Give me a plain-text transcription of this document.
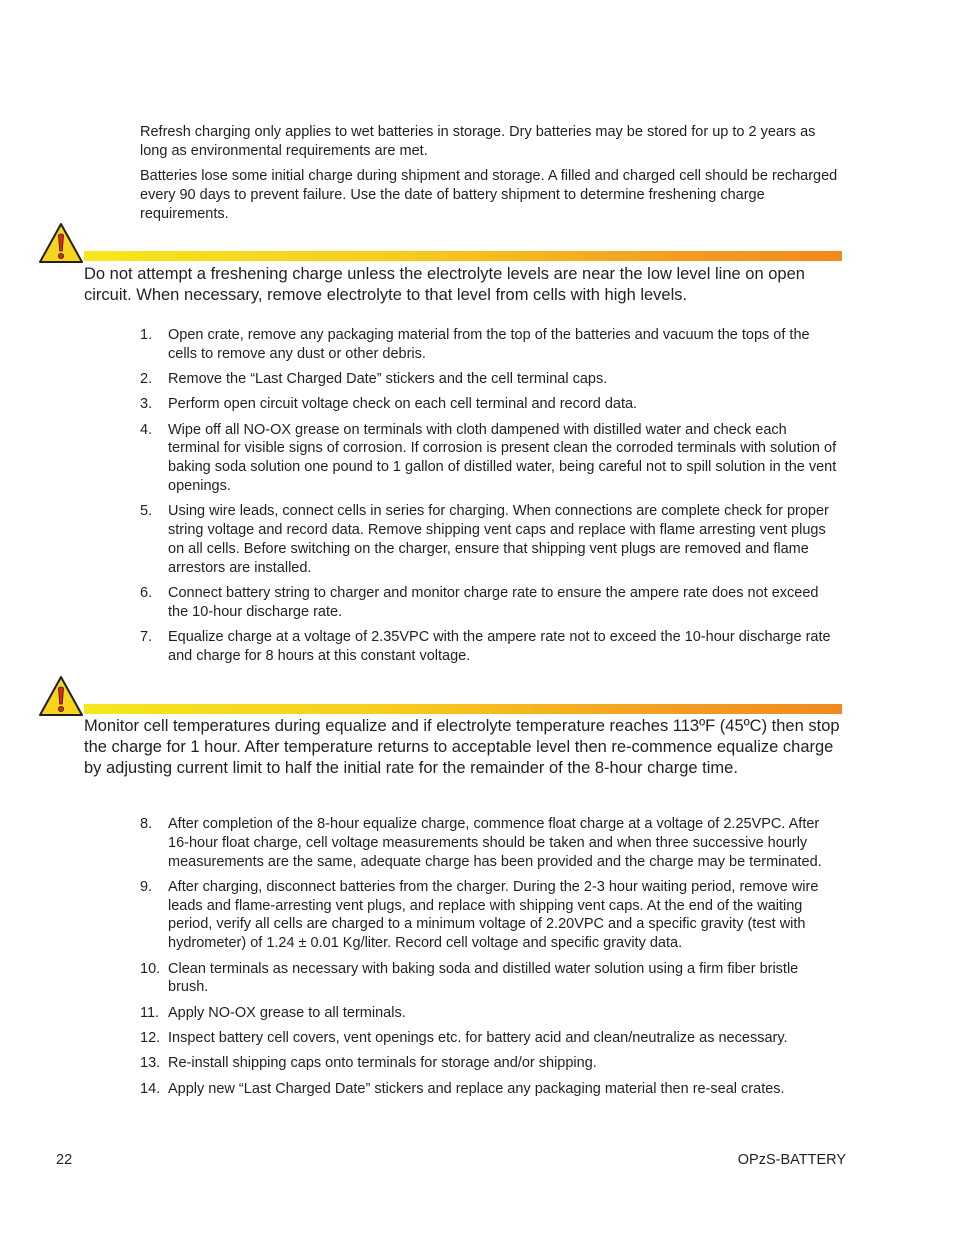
Refresh charging only applies to wet batteries in storage. Dry batteries may be stored for up to 2 years as long as environmental requirements are met.

Batteries lose some initial charge during shipment and storage. A filled and charged cell should be recharged every 90 days to prevent failure. Use the date of battery shipment to determine freshening charge requirements.

Do not attempt a freshening charge unless the electrolyte levels are near the low level line on open circuit. When necessary, remove electrolyte to that level from cells with high levels.

1. Open crate, remove any packaging material from the top of the batteries and vacuum the tops of the cells to remove any dust or other debris.
2. Remove the “Last Charged Date” stickers and the cell terminal caps.
3. Perform open circuit voltage check on each cell terminal and record data.
4. Wipe off all NO-OX grease on terminals with cloth dampened with distilled water and check each terminal for visible signs of corrosion. If corrosion is present clean the corroded terminals with solution of baking soda solution one pound to 1 gallon of distilled water, being careful not to spill solution in the vent openings.
5. Using wire leads, connect cells in series for charging. When connections are complete check for proper string voltage and record data. Remove shipping vent caps and replace with flame arresting vent plugs on all cells. Before switching on the charger, ensure that shipping vent plugs are removed and flame arrestors are installed.
6. Connect battery string to charger and monitor charge rate to ensure the ampere rate does not exceed the 10-hour discharge rate.
7. Equalize charge at a voltage of 2.35VPC with the ampere rate not to exceed the 10-hour discharge rate and charge for 8 hours at this constant voltage.

Monitor cell temperatures during equalize and if electrolyte temperature reaches 113ºF (45ºC) then stop the charge for 1 hour. After temperature returns to acceptable level then re-commence equalize charge by adjusting current limit to half the initial rate for the remainder of the 8-hour charge time.

8. After completion of the 8-hour equalize charge, commence float charge at a voltage of 2.25VPC. After 16-hour float charge, cell voltage measurements should be taken and when three successive hourly measurements are the same, adequate charge has been provided and the charge may be terminated.
9. After charging, disconnect batteries from the charger. During the 2-3 hour waiting period, remove wire leads and flame-arresting vent plugs, and replace with shipping vent caps. At the end of the waiting period, verify all cells are charged to a minimum voltage of 2.20VPC and a specific gravity (test with hydrometer) of 1.24 ± 0.01 Kg/liter. Record cell voltage and specific gravity data.
10. Clean terminals as necessary with baking soda and distilled water solution using a firm fiber bristle brush.
11. Apply NO-OX grease to all terminals.
12. Inspect battery cell covers, vent openings etc. for battery acid and clean/neutralize as necessary.
13. Re-install shipping caps onto terminals for storage and/or shipping.
14. Apply new “Last Charged Date” stickers and replace any packaging material then re-seal crates.
22	OPzS-BATTERY
